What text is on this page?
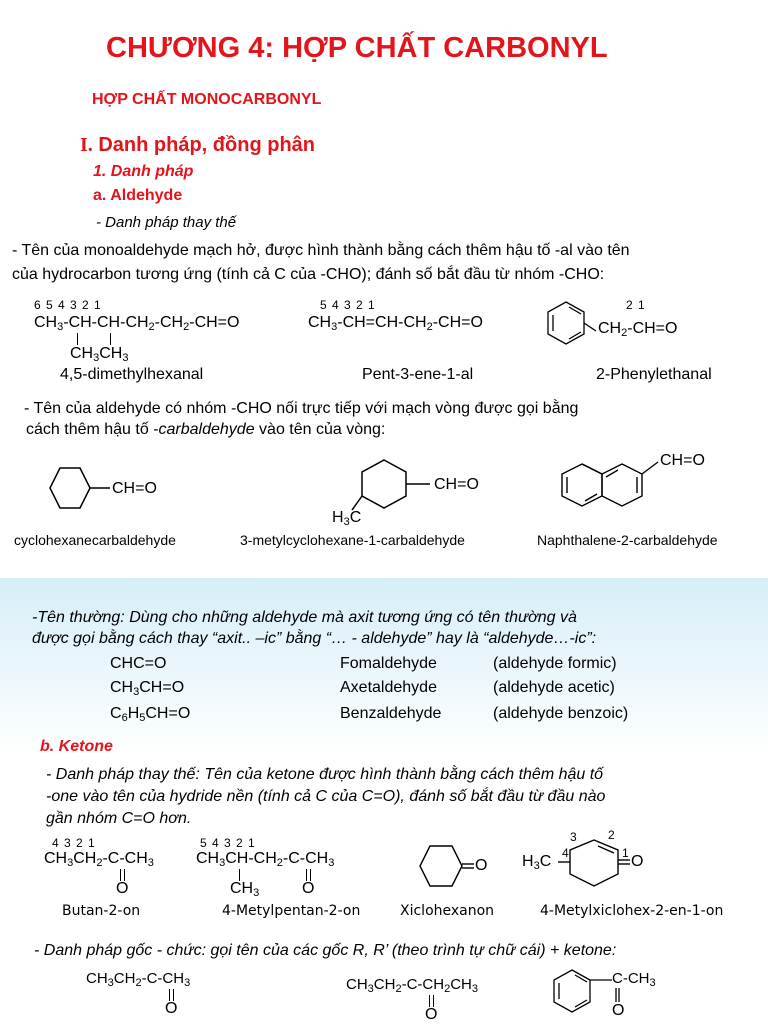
CHƯƠNG 4: HỢP CHẤT CARBONYL
HỢP CHẤT MONOCARBONYL
I. Danh pháp, đồng phân
1. Danh pháp
a. Aldehyde
- Danh pháp thay thế
- Tên của monoaldehyde mạch hở, được hình thành bằng cách thêm hậu tố -al vào tên
của hydrocarbon tương ứng (tính cả C của -CHO); đánh số bắt đầu từ nhóm -CHO:
6 5 4 3 2 1
$CH_3-CH-CH-CH_2-CH_2-CH=O$
$CH_3CH_3$
5 4 3 2 1
$CH_3-CH=CH-CH_2-CH=O$
2 1
$CH_2-CH=O$
4,5-dimethylhexanal	Pent-3-ene-1-al	2-Phenylethanal
- Tên của aldehyde có nhóm -CHO nối trực tiếp với mạch vòng được gọi bằng
cách thêm hậu tố -carbaldehyde vào tên của vòng:
CH=O	CH=O
$H_3C$
CH=O
cyclohexanecarbaldehyde	3-metylcyclohexane-1-carbaldehyde	Naphthalene-2-carbaldehyde
-Tên thường: Dùng cho những aldehyde mà axit tương ứng có tên thường và
được gọi bằng cách thay “axit.. –ic” bằng “… - aldehyde” hay là “aldehyde…-ic”:
CHC=O	Fomaldehyde	(aldehyde formic)
$CH_3CH=O$	Axetaldehyde	(aldehyde acetic)
$C_6H_5CH=O$	Benzaldehyde	(aldehyde benzoic)
b. Ketone
- Danh pháp thay thế: Tên của ketone được hình thành bằng cách thêm hậu tố
-one vào tên của hydride nền (tính cả C của C=O), đánh số bắt đầu từ đầu nào
gần nhóm C=O hơn.
4 3 2 1
$CH_3CH_2-C-CH_3$
O
5 4 3 2 1
$CH_3CH-CH_2-C-CH_3$
$CH_3$	O
O
3	2
4	1
$H_3C$	O
Butan-2-on	4-Metylpentan-2-on	Xiclohexanon	4-Metylxiclohex-2-en-1-on
- Danh pháp gốc - chức: gọi tên của các gốc R, R’ (theo trình tự chữ cái) + ketone:
$CH_3CH_2-C-CH_3$
O
$CH_3CH_2-C-CH_2CH_3$
O
$C-CH_3$
O
